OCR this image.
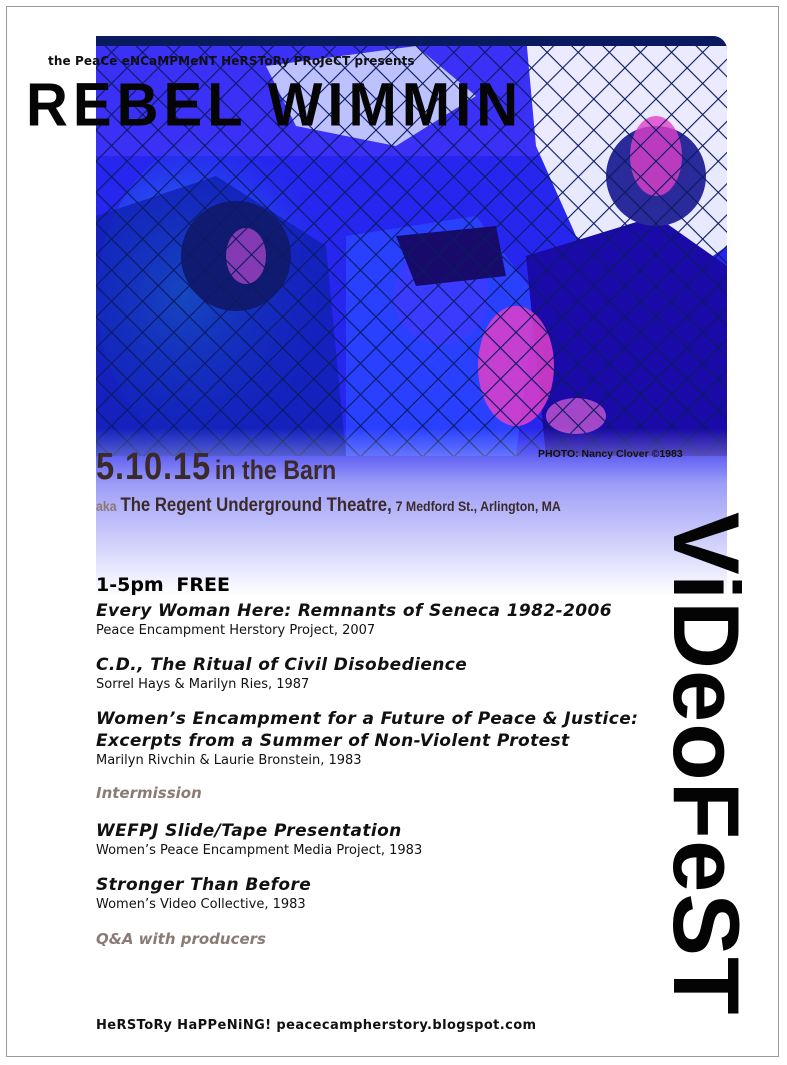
the PeaCe eNCaMPMeNT HeRSToRy PRoJeCT presents
REBEL WIMMIN
PHOTO: Nancy Clover ©1983
5.10.15 in the Barn
aka The Regent Underground Theatre, 7 Medford St., Arlington, MA
ViDeoFeST
1-5pm FREE
Every Woman Here: Remnants of Seneca 1982-2006
Peace Encampment Herstory Project, 2007
C.D., The Ritual of Civil Disobedience
Sorrel Hays & Marilyn Ries, 1987
Women’s Encampment for a Future of Peace & Justice: Excerpts from a Summer of Non-Violent Protest
Marilyn Rivchin & Laurie Bronstein, 1983
Intermission
WEFPJ Slide/Tape Presentation
Women’s Peace Encampment Media Project, 1983
Stronger Than Before
Women’s Video Collective, 1983
Q&A with producers
HeRSToRy HaPPeNiNG! peacecampherstory.blogspot.com
